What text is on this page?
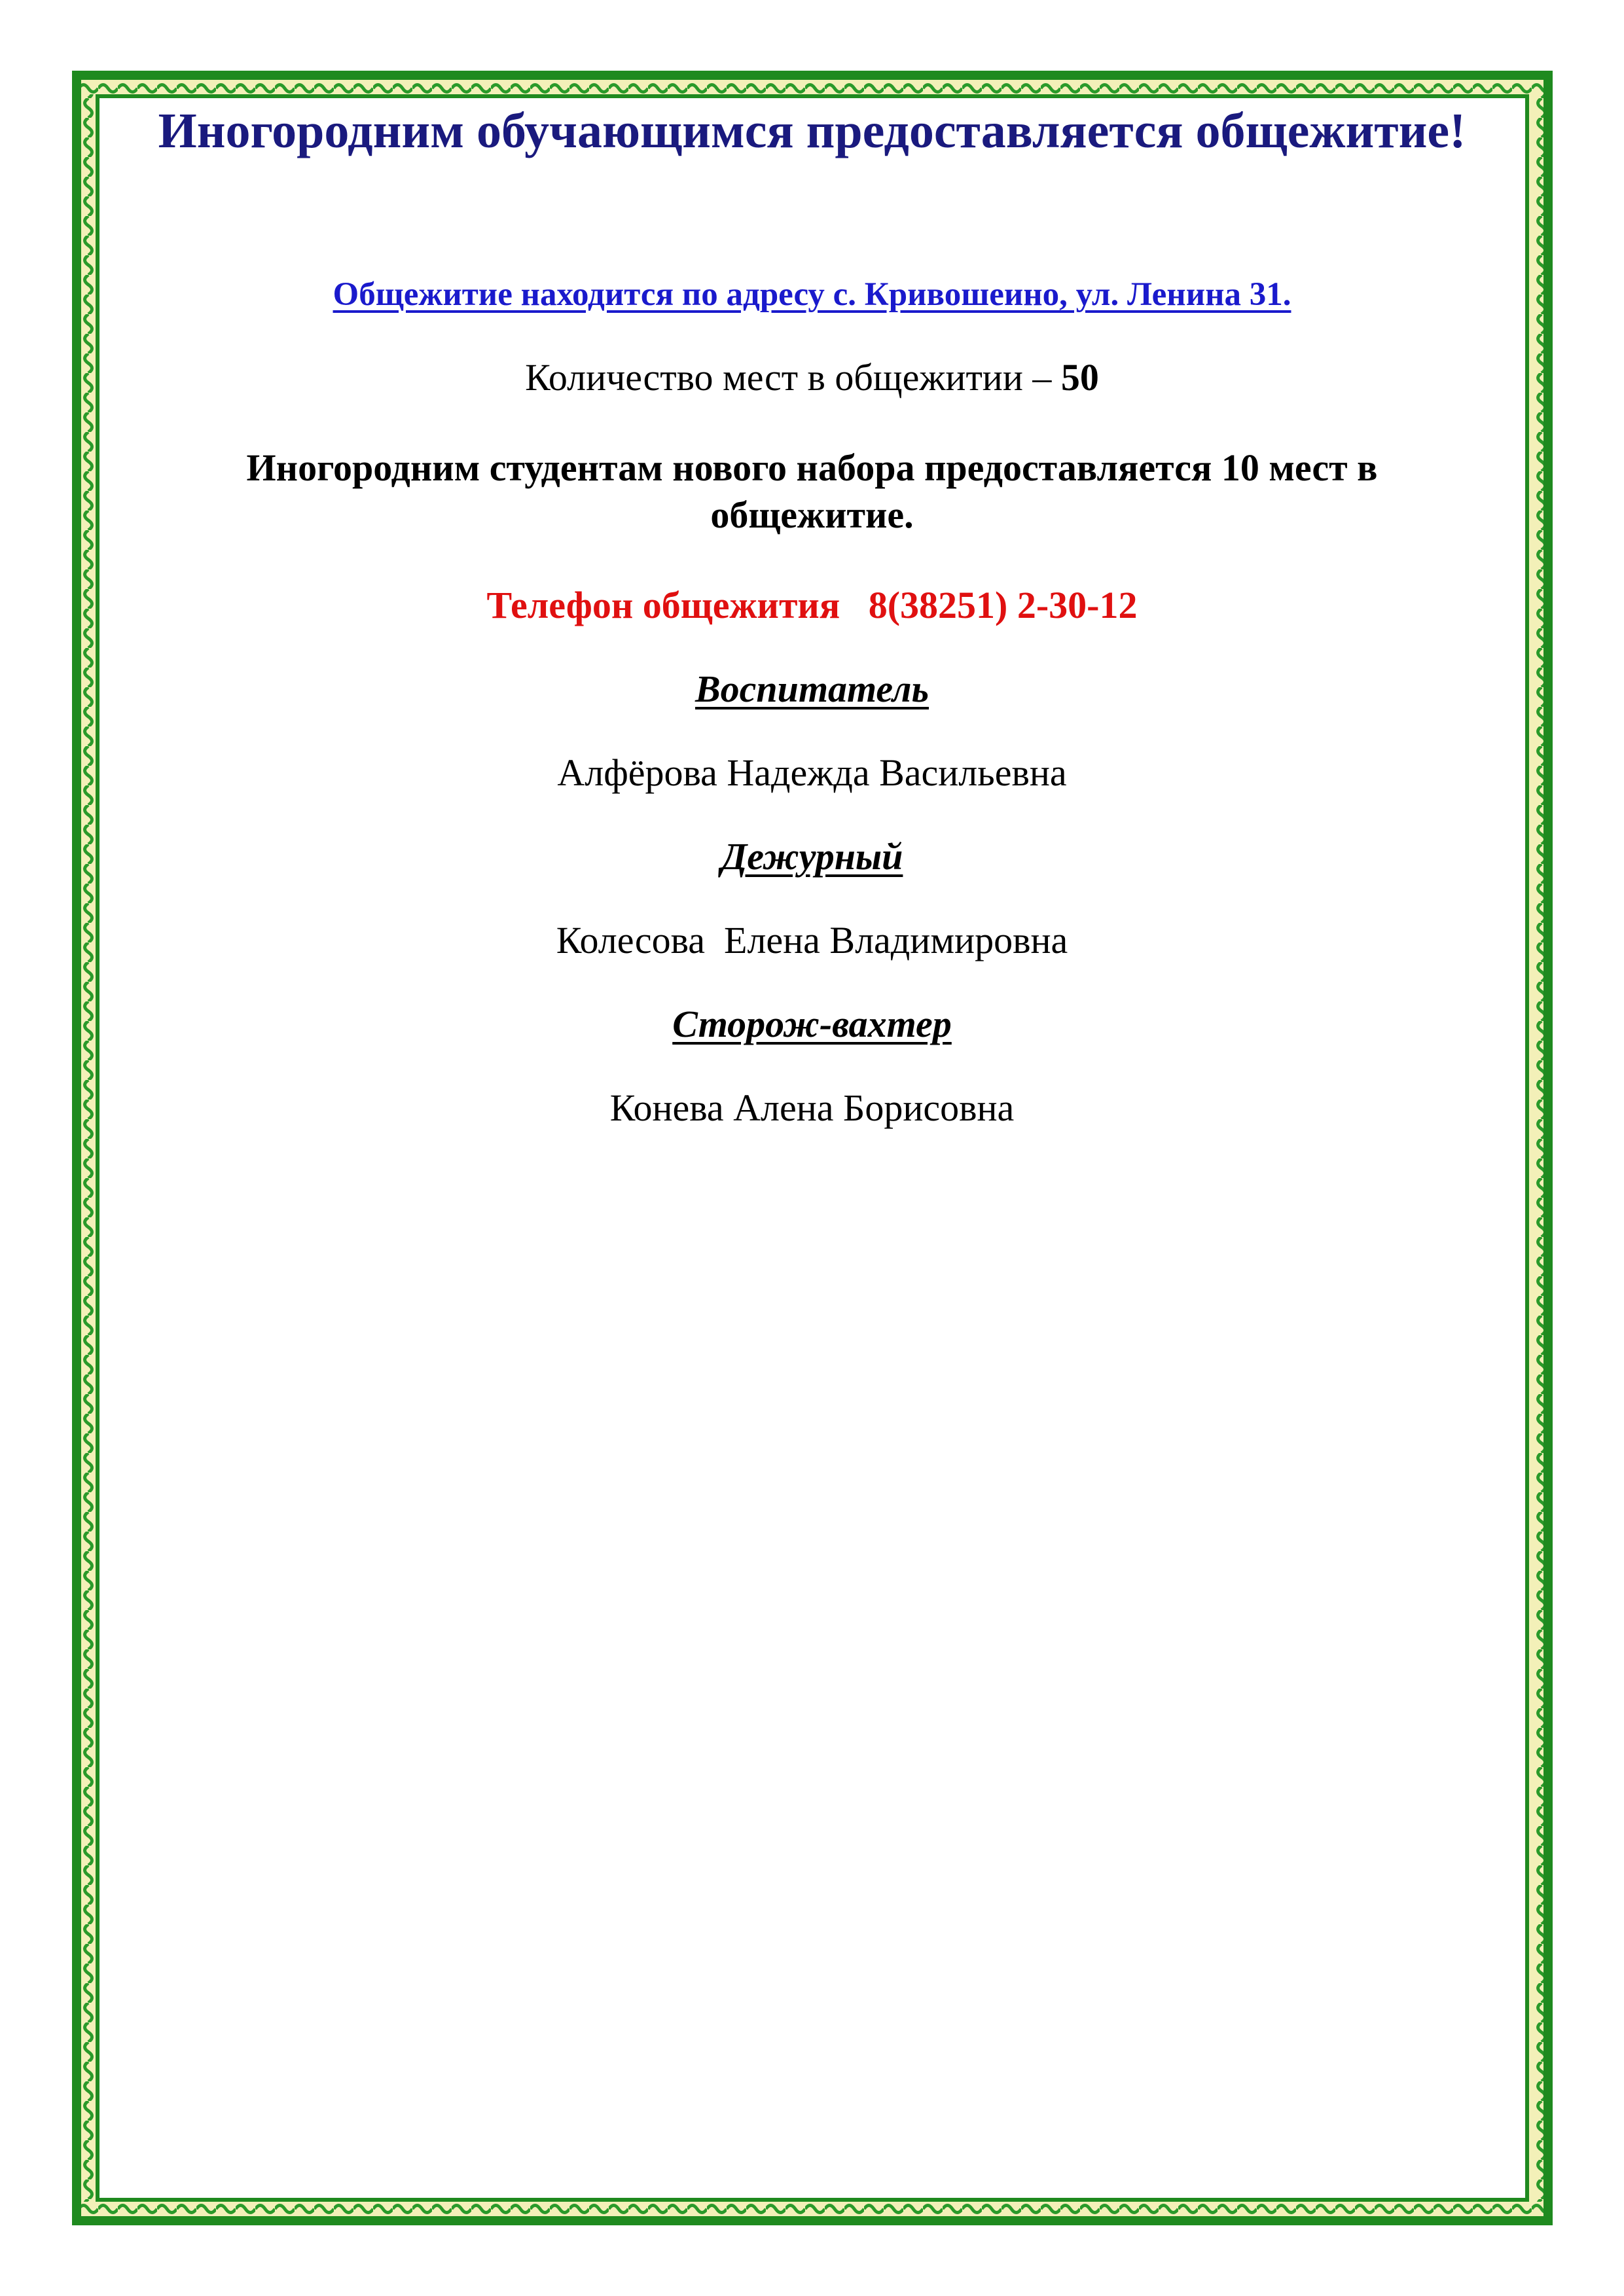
Иногородним обучающимся предоставляется общежитие!
Общежитие находится по адресу с. Кривошеино, ул. Ленина 31.
Количество мест в общежитии – 50
Иногородним студентам нового набора предоставляется 10 мест в общежитие.
Телефон общежития   8(38251) 2-30-12
Воспитатель
Алфёрова Надежда Васильевна
Дежурный
Колесова  Елена Владимировна
Сторож-вахтер
Конева Алена Борисовна
